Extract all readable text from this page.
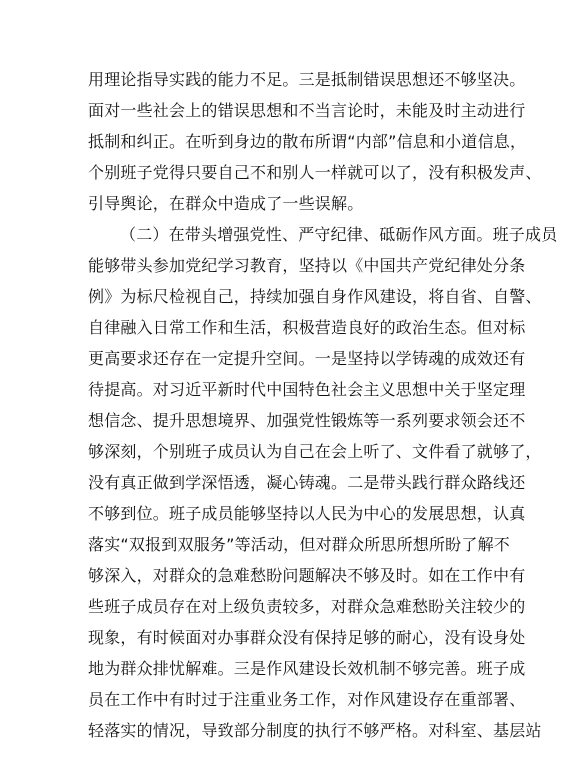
用理论指导实践的能力不足。三是抵制错误思想还不够坚决。
面对一些社会上的错误思想和不当言论时，未能及时主动进行
抵制和纠正。在听到身边的散布所谓“内部”信息和小道信息，
个别班子党得只要自己不和别人一样就可以了，没有积极发声、
引导舆论，在群众中造成了一些误解。
（二）在带头增强党性、严守纪律、砥砺作风方面。班子成员
能够带头参加党纪学习教育，坚持以《中国共产党纪律处分条
例》为标尺检视自己，持续加强自身作风建设，将自省、自警、
自律融入日常工作和生活，积极营造良好的政治生态。但对标
更高要求还存在一定提升空间。一是坚持以学铸魂的成效还有
待提高。对习近平新时代中国特色社会主义思想中关于坚定理
想信念、提升思想境界、加强党性锻炼等一系列要求领会还不
够深刻，个别班子成员认为自己在会上听了、文件看了就够了，
没有真正做到学深悟透，凝心铸魂。二是带头践行群众路线还
不够到位。班子成员能够坚持以人民为中心的发展思想，认真
落实“双报到双服务”等活动，但对群众所思所想所盼了解不
够深入，对群众的急难愁盼问题解决不够及时。如在工作中有
些班子成员存在对上级负责较多，对群众急难愁盼关注较少的
现象，有时候面对办事群众没有保持足够的耐心，没有设身处
地为群众排忧解难。三是作风建设长效机制不够完善。班子成
员在工作中有时过于注重业务工作，对作风建设存在重部署、
轻落实的情况，导致部分制度的执行不够严格。对科室、基层站
